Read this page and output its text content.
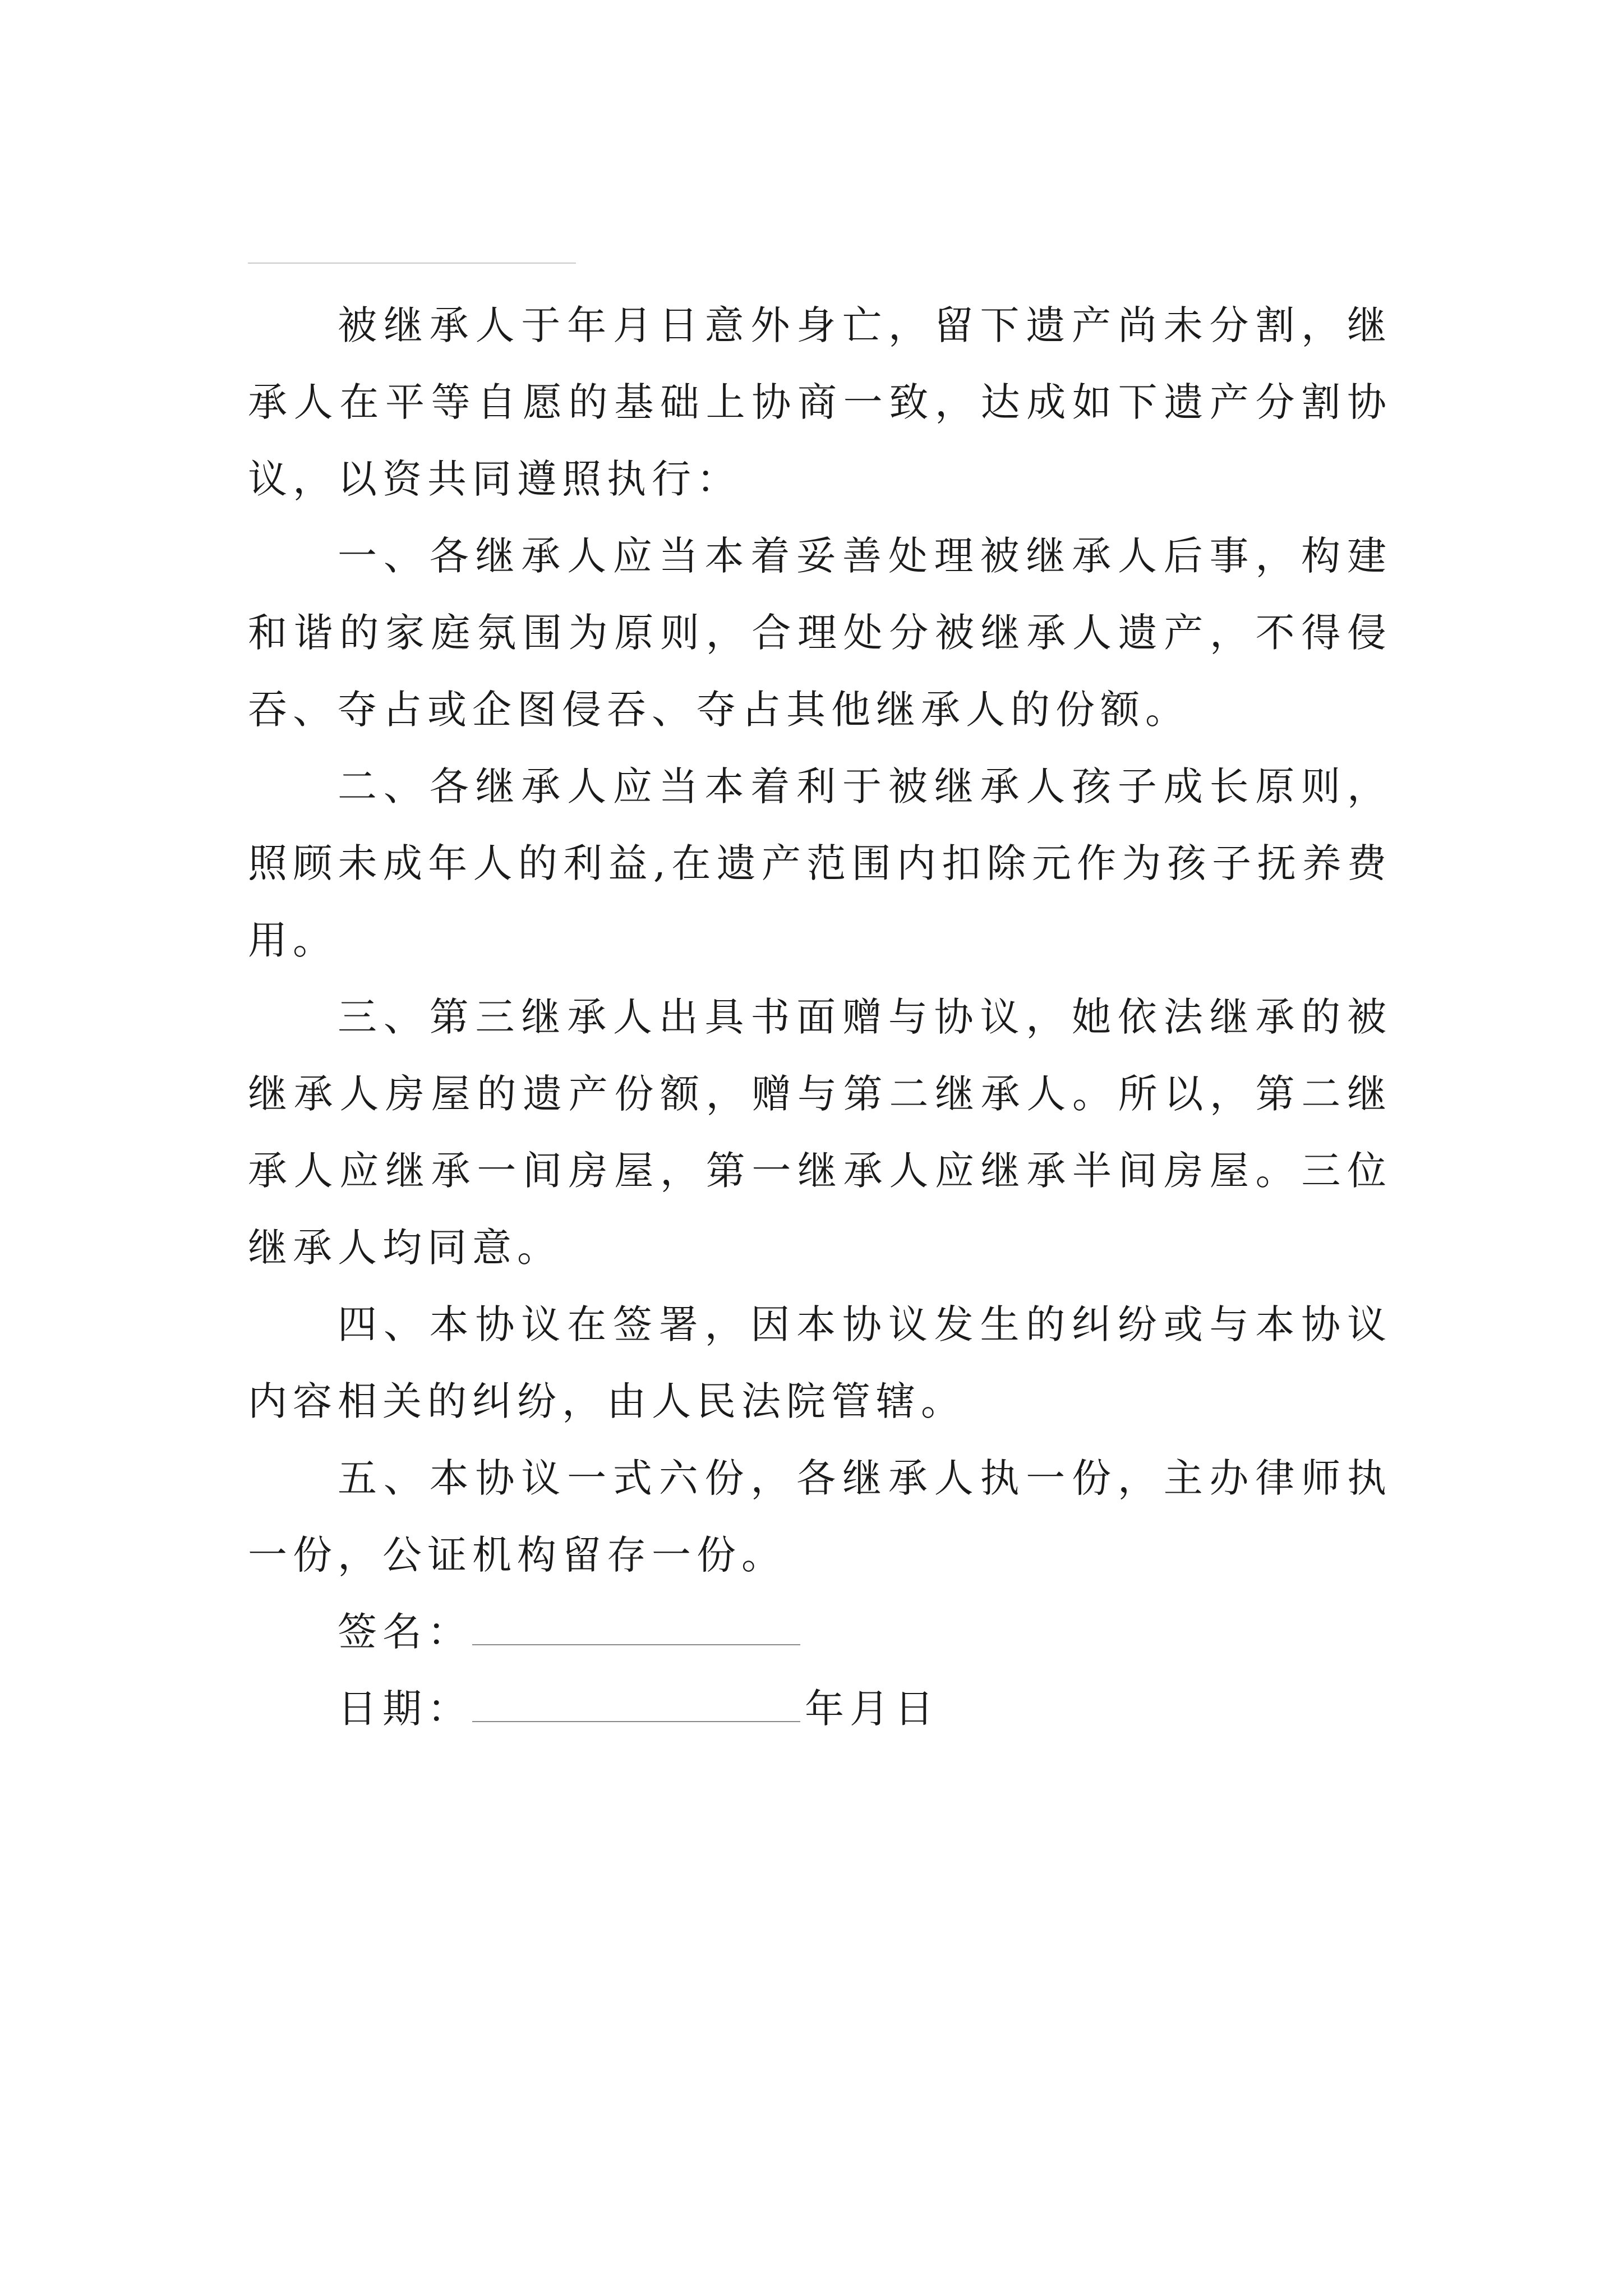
被继承人于年月日意外身亡，留下遗产尚未分割，继承人在平等自愿的基础上协商一致，达成如下遗产分割协议，以资共同遵照执行：

一、各继承人应当本着妥善处理被继承人后事，构建和谐的家庭氛围为原则，合理处分被继承人遗产，不得侵吞、夺占或企图侵吞、夺占其他继承人的份额。

二、各继承人应当本着利于被继承人孩子成长原则，照顾未成年人的利益,在遗产范围内扣除元作为孩子抚养费用。

三、第三继承人出具书面赠与协议，她依法继承的被继承人房屋的遗产份额，赠与第二继承人。所以，第二继承人应继承一间房屋，第一继承人应继承半间房屋。三位继承人均同意。

四、本协议在签署，因本协议发生的纠纷或与本协议内容相关的纠纷，由人民法院管辖。

五、本协议一式六份，各继承人执一份，主办律师执一份，公证机构留存一份。

签名：

日期：	年月日
